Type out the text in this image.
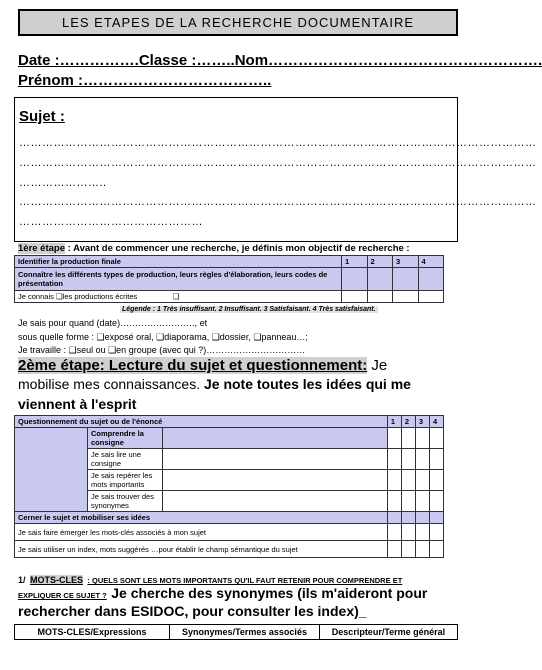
LES ETAPES DE LA RECHERCHE DOCUMENTAIRE
Date :…………….Classe :……..Nom……………………………………………….
Prénom :………………………………..
Sujet :
………………………………………………………………………………………………………………………
………………………………………………………………………………………………………………………
…………………..
………………………………………………………………………………………………………………………
…………………………………………
1ère étape : Avant de commencer une recherche, je définis mon objectif de recherche :
Identifier la production finale	1	2	3	4
Connaître les différents types de production, leurs règles d'élaboration, leurs codes de présentation				
Je connais ❑les productions écrites ❑				
Légende : 1 Très insuffisant. 2 Insuffisant. 3 Satisfaisant. 4 Très satisfaisant.
Je sais pour quand (date)……………………., et
sous quelle forme : ❑exposé oral, ❑diaporama, ❑dossier, ❑panneau…;
Je travaille : ❑seul ou ❑en groupe (avec qui ?)……………………………
2ème étape: Lecture du sujet et questionnement: Je
mobilise mes connaissances. Je note toutes les idées qui me
viennent à l'esprit
Questionnement du sujet ou de l'énoncé			1	2	3	4
	Comprendre la consigne					
	Je sais lire une consigne					
	Je sais repérer les mots importants					
	Je sais trouver des synonymes					
Cerner le sujet et mobiliser ses idées						
Je sais faire émerger les mots-clés associés à mon sujet						
Je sais utiliser un index, mots suggérés …pour établir le champ sémantique du sujet						
1/ MOTS-CLES : QUELS SONT LES MOTS IMPORTANTS QU'IL FAUT RETENIR POUR COMPRENDRE ET
EXPLIQUER CE SUJET ? Je cherche des synonymes (ils m'aideront pour
rechercher dans ESIDOC, pour consulter les index)_
MOTS-CLES/Expressions	Synonymes/Termes associés	Descripteur/Terme général
